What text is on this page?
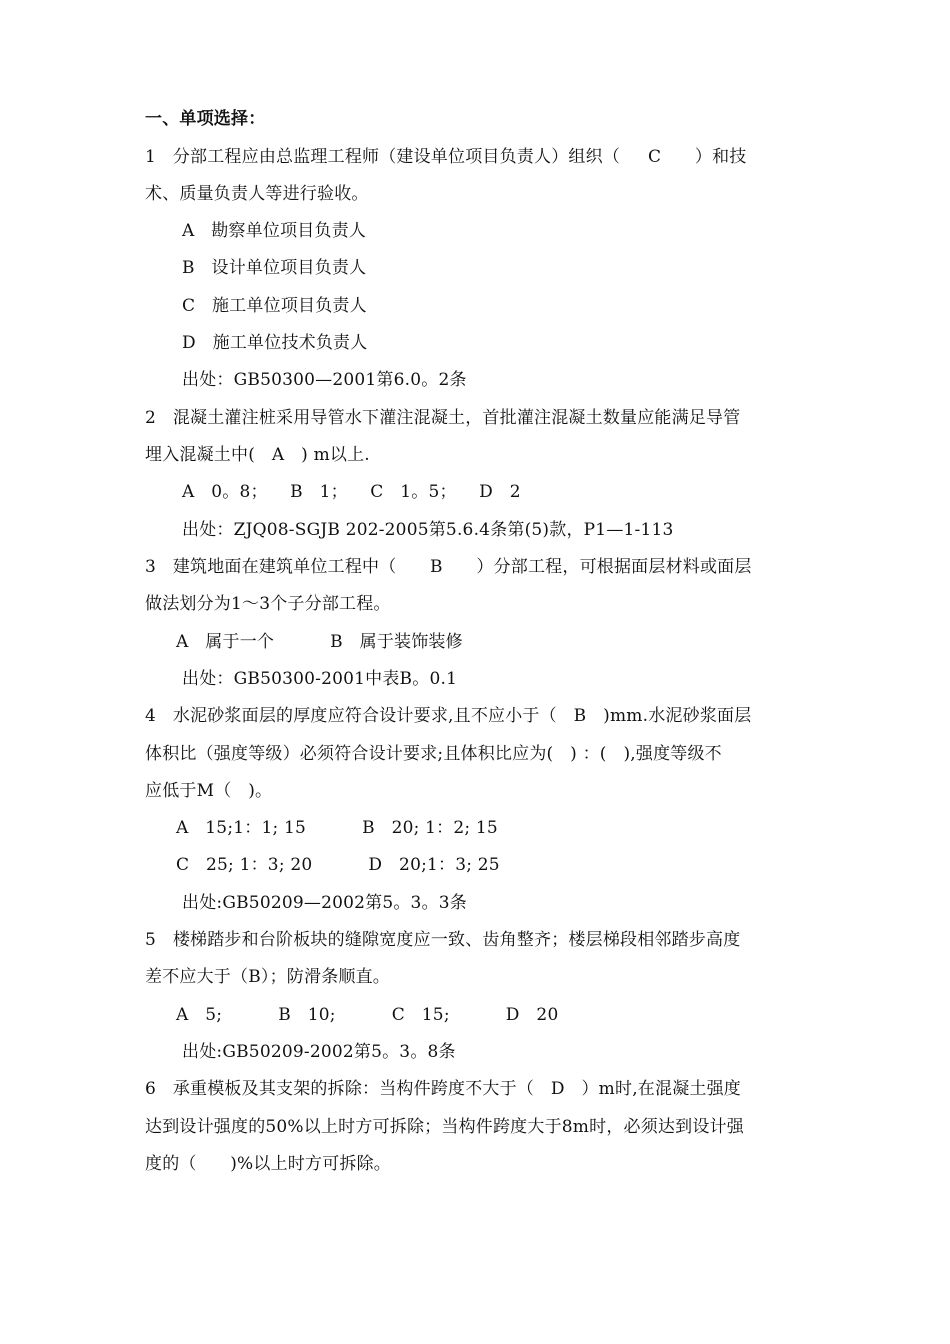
一、单项选择：
1   分部工程应由总监理工程师（建设单位项目负责人）组织（     C      ）和技
术、质量负责人等进行验收。
A   勘察单位项目负责人
B   设计单位项目负责人
C   施工单位项目负责人
D   施工单位技术负责人
出处：GB50300—2001第6.0。2条
2   混凝土灌注桩采用导管水下灌注混凝土，首批灌注混凝土数量应能满足导管
埋入混凝土中(   A   ) m以上.
A   0。8；    B   1；    C   1。5；    D   2
出处：ZJQ08-SGJB 202-2005第5.6.4条第(5)款，P1—1-113
3   建筑地面在建筑单位工程中（      B      ）分部工程，可根据面层材料或面层
做法划分为1～3个子分部工程。
A   属于一个          B   属于装饰装修
出处：GB50300-2001中表B。0.1
4   水泥砂浆面层的厚度应符合设计要求,且不应小于（   B   )mm.水泥砂浆面层
体积比（强度等级）必须符合设计要求;且体积比应为(   ) ：(   ),强度等级不
应低于M（   )。
A   15;1：1; 15          B   20; 1：2; 15
C   25; 1：3; 20          D   20;1：3; 25
出处:GB50209—2002第5。3。3条
5   楼梯踏步和台阶板块的缝隙宽度应一致、齿角整齐；楼层梯段相邻踏步高度
差不应大于（B）；防滑条顺直。
A   5;          B   10;          C   15;          D   20
出处:GB50209-2002第5。3。8条
6   承重模板及其支架的拆除：当构件跨度不大于（   D   ）m时,在混凝土强度
达到设计强度的50%以上时方可拆除；当构件跨度大于8m时，必须达到设计强
度的（      )%以上时方可拆除。
